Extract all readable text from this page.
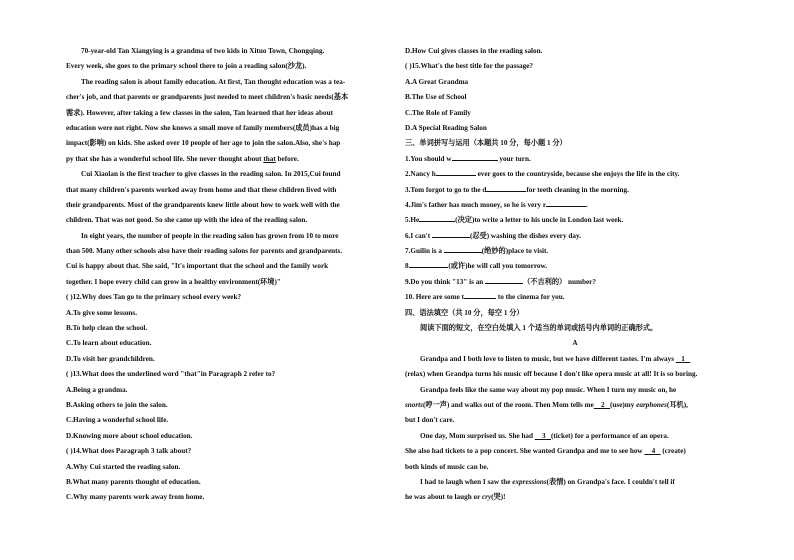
70-year-old Tan Xiangying is a grandma of two kids in Xituo Town, Chongqing.
Every week, she goes to the primary school there to join a reading salon(沙龙).
The reading salon is about family education. At first, Tan thought education was a tea-
cher's job, and that parents or grandparents just needed to meet children's basic needs(基本
需求). However, after taking a few classes in the salon, Tan learned that her ideas about
education were not right. Now she knows a small move of family members(成员)has a big
impact(影响) on kids. She asked over 10 people of her age to join the salon.Also, she's hap
py that she has a wonderful school life. She never thought about that before.
Cui Xiaolan is the first teacher to give classes in the reading salon. In 2015,Cui found
that many children's parents worked away from home and that these children lived with
their grandparents. Most of the grandparents knew little about how to work well with the
children. That was not good. So she came up with the idea of the reading salon.
In eight years, the number of people in the reading salon has grown from 10 to more
than 500. Many other schools also have their reading salons for parents and grandparents.
Cui is happy about that. She said, "It's important that the school and the family work
together. I hope every child can grow in a healthy environment(环境)"
( )12.Why does Tan go to the primary school every week?
A.To give some lessons.
B.To help clean the school.
C.To learn about education.
D.To visit her grandchildren.
( )13.What does the underlined word "that"in Paragraph 2 refer to?
A.Being a grandma.
B.Asking others to join the salon.
C.Having a wonderful school life.
D.Knowing more about school education.
( )14.What does Paragraph 3 talk about?
A.Why Cui started the reading salon.
B.What many parents thought of education.
C.Why many parents work away from home.
D.How Cui gives classes in the reading salon.
( )15.What's the best title for the passage?
A.A Great Grandma
B.The Use of School
C.The Role of Family
D.A Special Reading Salon
三、单词拼写与运用（本题共 10 分，每小题 1 分）
1.You should w	your turn.
2.Nancy h	ever goes to the countryside, because she enjoys the life in the city.
3.Tom forgot to go to the d	for teeth cleaning in the morning.
4.Jim's father has much money, so he is very r	.
5.He	(决定)to write a letter to his uncle in London last week.
6.I can't	(忍受) washing the dishes every day.
7.Guilin is a	(绝妙的)place to visit.
8.	(或许)he will call you tomorrow.
9.Do you think "13" is an	（不吉利的） number?
10. Here are some t	to the cinema for you.
四、语法填空（共 10 分，每空 1 分）
阅读下面的短文，在空白处填入 1 个适当的单词或括号内单词的正确形式。
A
Grandpa and I both love to listen to music, but we have different tastes. I'm always    1
(relax) when Grandpa turns his music off because I don't like opera music at all! It is so boring.
Grandpa feels like the same way about my pop music. When I turn my music on, he
snorts(哼一声) and walks out of the room. Then Mom tells me 2 (use)my earphones(耳机),
but I don't care.
One day, Mom surprised us. She had     3 (ticket) for a performance of an opera.
She also had tickets to a pop concert. She wanted Grandpa and me to see how     4    (create)
both kinds of music can be.
I had to laugh when I saw the expressions(表情) on Grandpa's face. I couldn't tell if
he was about to laugh or cry(哭)!
